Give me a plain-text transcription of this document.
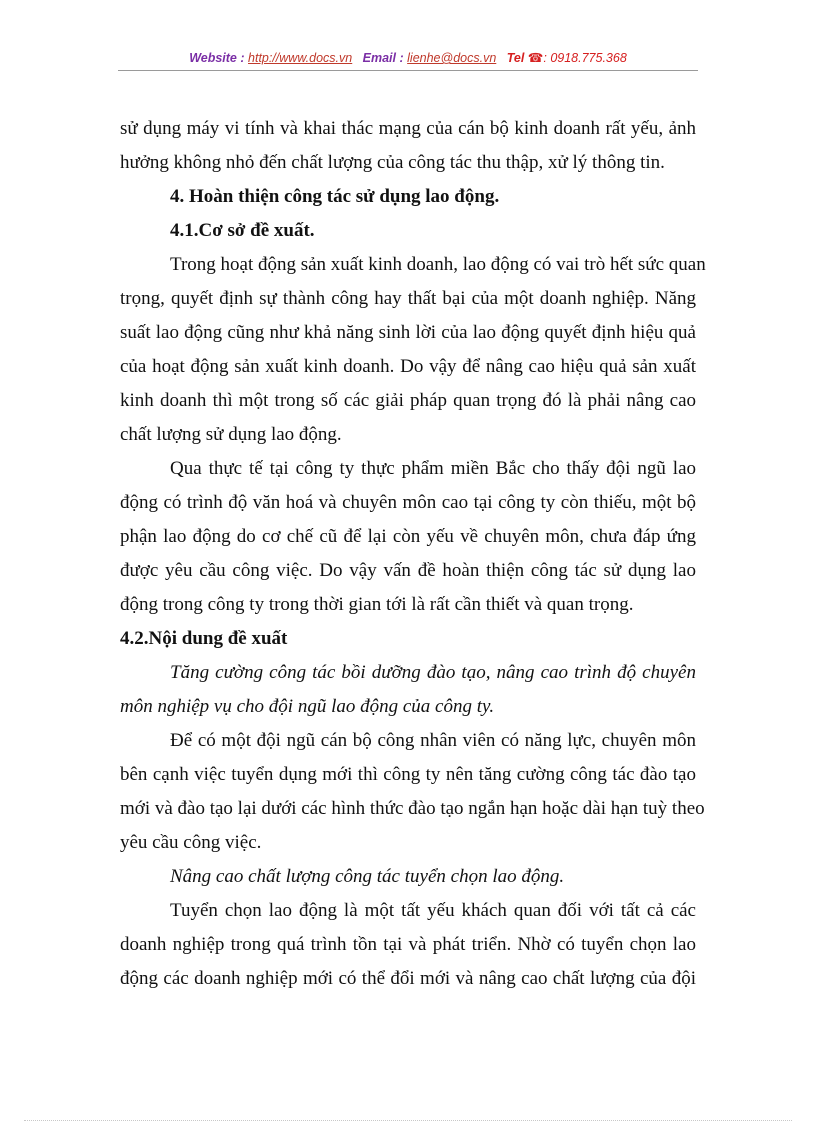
Website : http://www.docs.vn Email : lienhe@docs.vn Tel ☎: 0918.775.368
sử dụng máy vi tính và khai thác mạng của cán bộ kinh doanh rất yếu, ảnh
hưởng không nhỏ đến chất lượng của công tác thu thập, xử lý thông tin.
4. Hoàn thiện công tác sử dụng lao động.
4.1.Cơ sở đề xuất.
Trong hoạt động sản xuất kinh doanh, lao động có vai trò hết sức quan
trọng, quyết định sự thành công hay thất bại của một doanh nghiệp. Năng
suất lao động cũng như khả năng sinh lời của lao động quyết định hiệu quả
của hoạt động sản xuất kinh doanh. Do vậy để nâng cao hiệu quả sản xuất
kinh doanh thì một trong số các giải pháp quan trọng đó là phải nâng cao
chất lượng sử dụng lao động.
Qua thực tế tại công ty thực phẩm miền Bắc cho thấy đội ngũ lao
động có trình độ văn hoá và chuyên môn cao tại công ty còn thiếu, một bộ
phận lao động do cơ chế cũ để lại còn yếu về chuyên môn, chưa đáp ứng
được yêu cầu công việc. Do vậy vấn đề hoàn thiện công tác sử dụng lao
động trong công ty trong thời gian tới là rất cần thiết và quan trọng.
4.2.Nội dung đề xuất
Tăng cường công tác bồi dưỡng đào tạo, nâng cao trình độ chuyên
môn nghiệp vụ cho đội ngũ lao động của công ty.
Để có một đội ngũ cán bộ công nhân viên có năng lực, chuyên môn
bên cạnh việc tuyển dụng mới thì công ty nên tăng cường công tác đào tạo
mới và đào tạo lại dưới các hình thức đào tạo ngắn hạn hoặc dài hạn tuỳ theo
yêu cầu công việc.
Nâng cao chất lượng công tác tuyển chọn lao động.
Tuyển chọn lao động là một tất yếu khách quan đối với tất cả các
doanh nghiệp trong quá trình tồn tại và phát triển. Nhờ có tuyển chọn lao
động các doanh nghiệp mới có thể đổi mới và nâng cao chất lượng của đội
